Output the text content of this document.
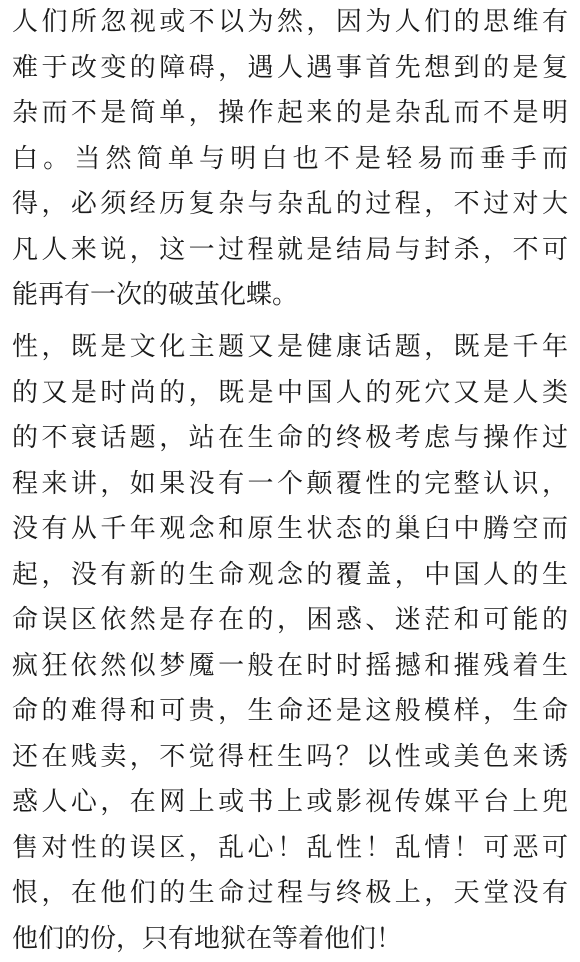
人们所忽视或不以为然，因为人们的思维有
难于改变的障碍，遇人遇事首先想到的是复
杂而不是简单，操作起来的是杂乱而不是明
白。当然简单与明白也不是轻易而垂手而
得，必须经历复杂与杂乱的过程，不过对大
凡人来说，这一过程就是结局与封杀，不可
能再有一次的破茧化蝶。
性，既是文化主题又是健康话题，既是千年
的又是时尚的，既是中国人的死穴又是人类
的不衰话题，站在生命的终极考虑与操作过
程来讲，如果没有一个颠覆性的完整认识，
没有从千年观念和原生状态的巢臼中腾空而
起，没有新的生命观念的覆盖，中国人的生
命误区依然是存在的，困惑、迷茫和可能的
疯狂依然似梦魇一般在时时摇撼和摧残着生
命的难得和可贵，生命还是这般模样，生命
还在贱卖，不觉得枉生吗？以性或美色来诱
惑人心，在网上或书上或影视传媒平台上兜
售对性的误区，乱心！乱性！乱情！可恶可
恨，在他们的生命过程与终极上，天堂没有
他们的份，只有地狱在等着他们！
